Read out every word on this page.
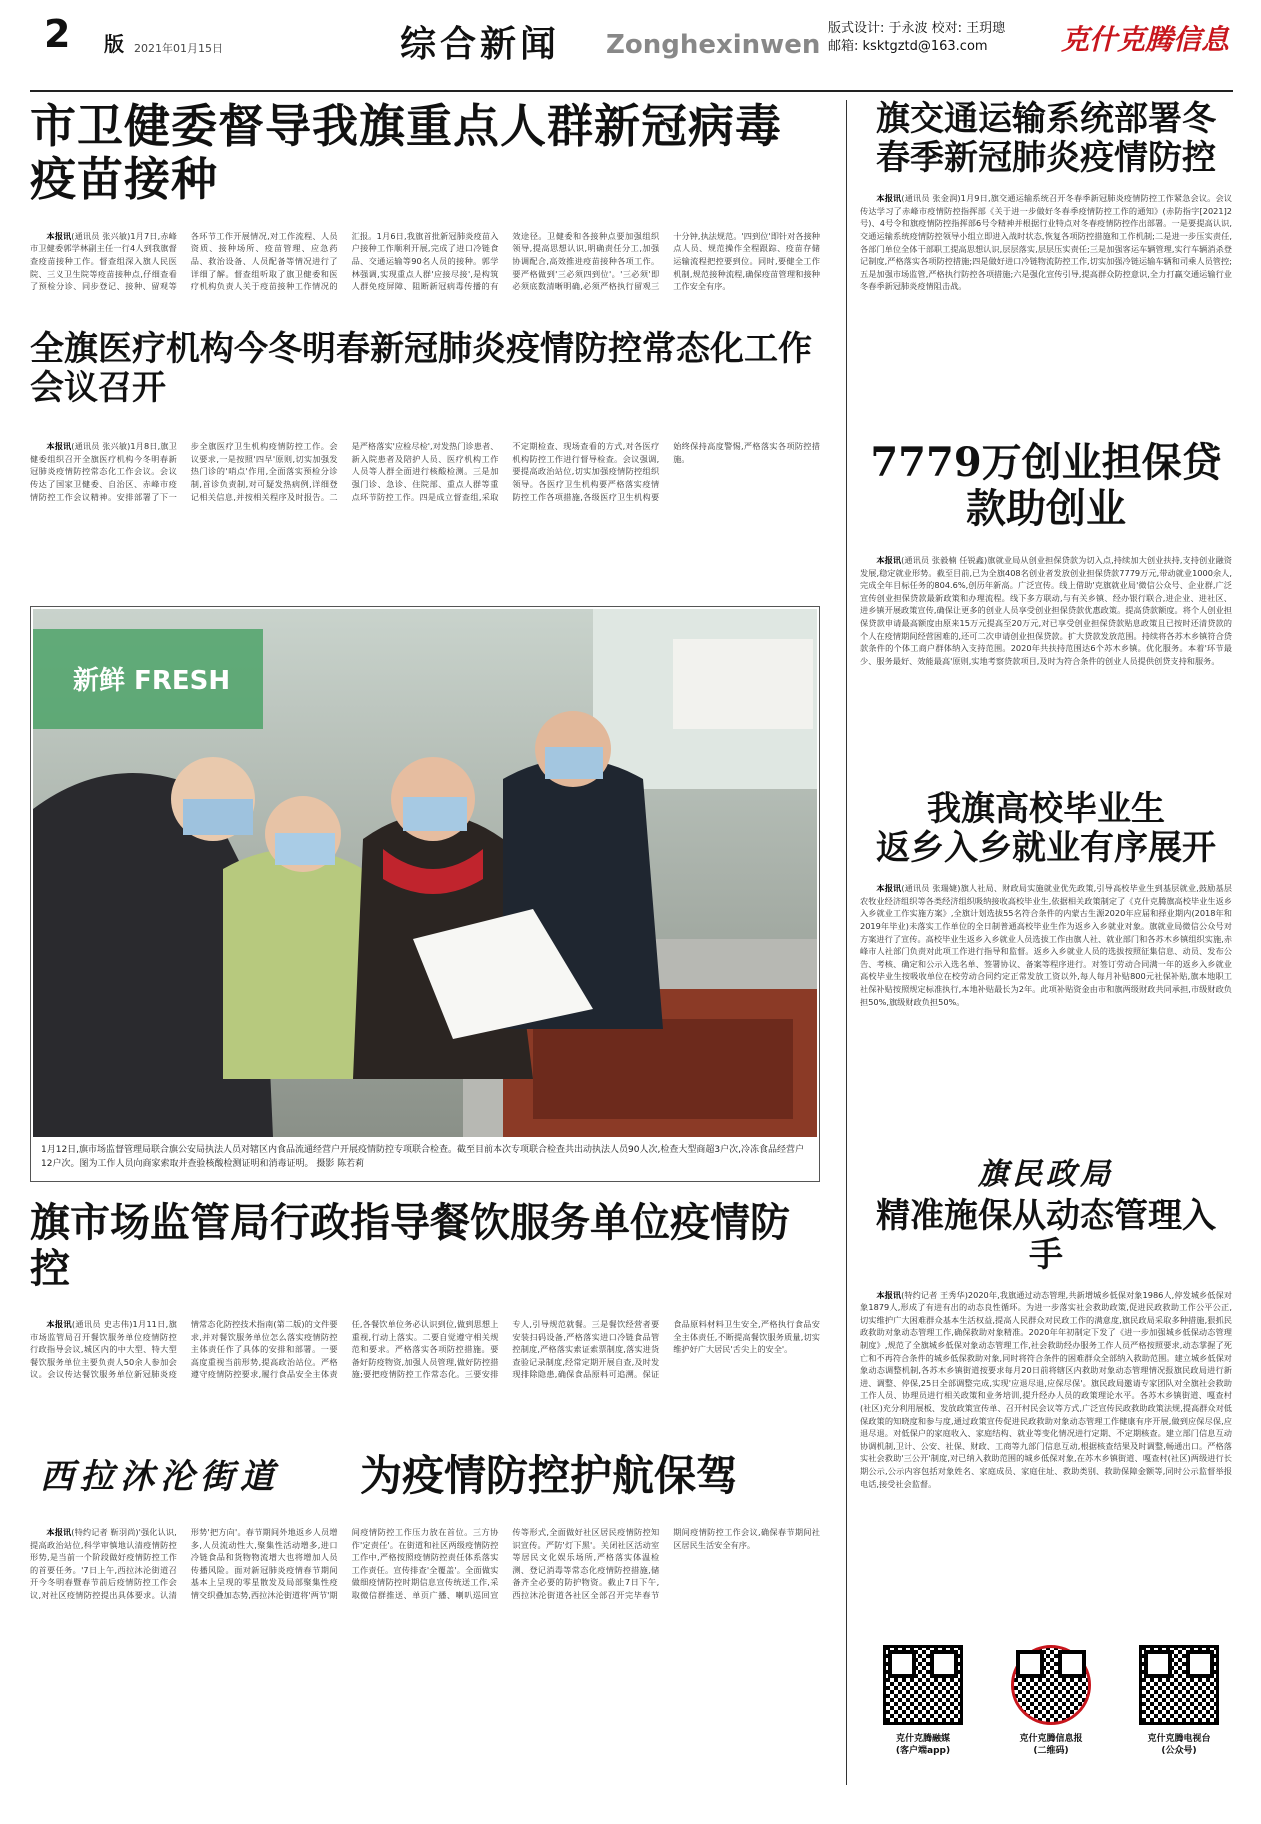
2 版 2021年01月15日	综合新闻 Zonghexinwen
版式设计: 于永波 校对: 王玥璁
邮箱: ksktgztd@163.com	克什克腾信息
市卫健委督导我旗重点人群新冠病毒疫苗接种

本报讯(通讯员 张兴敏)1月7日,赤峰市卫健委郭学林副主任一行4人到我旗督查疫苗接种工作。督查组深入旗人民医院、三义卫生院等疫苗接种点,仔细查看了预检分诊、同步登记、接种、留观等各环节工作开展情况,对工作流程、人员资质、接种场所、疫苗管理、应急药品、救治设备、人员配备等情况进行了详细了解。督查组听取了旗卫健委和医疗机构负责人关于疫苗接种工作情况的汇报。1月6日,我旗首批新冠肺炎疫苗入户接种工作顺利开展,完成了进口冷链食品、交通运输等90名人员的接种。郭学林强调,实现重点人群'应接尽接',是构筑人群免疫屏障、阻断新冠病毒传播的有效途径。卫健委和各接种点要加强组织领导,提高思想认识,明确责任分工,加强协调配合,高效推进疫苗接种各项工作。要严格做到'三必须四到位'。'三必须'即必须底数清晰明确,必须严格执行留观三十分钟,执法规范。'四到位'即针对各接种点人员、规范操作全程跟踪、疫苗存储运输流程把控要到位。同时,要健全工作机制,规范接种流程,确保疫苗管理和接种工作安全有序。

全旗医疗机构今冬明春新冠肺炎疫情防控常态化工作会议召开

本报讯(通讯员 张兴敏)1月8日,旗卫健委组织召开全旗医疗机构今冬明春新冠肺炎疫情防控常态化工作会议。会议传达了国家卫健委、自治区、赤峰市疫情防控工作会议精神。安排部署了下一步全旗医疗卫生机构疫情防控工作。会议要求,一是按照'四早'原则,切实加强发热门诊的'哨点'作用,全面落实预检分诊制,首诊负责制,对可疑发热病例,详细登记相关信息,并按相关程序及时报告。二是严格落实'应检尽检',对发热门诊患者、新入院患者及陪护人员、医疗机构工作人员等人群全面进行核酸检测。三是加强门诊、急诊、住院部、重点人群等重点环节防控工作。四是成立督查组,采取不定期检查、现场查看的方式,对各医疗机构防控工作进行督导检查。会议强调,要提高政治站位,切实加强疫情防控组织领导。各医疗卫生机构要严格落实疫情防控工作各项措施,各级医疗卫生机构要始终保持高度警惕,严格落实各项防控措施。

新鲜 FRESH
1月12日,旗市场监督管理局联合旗公安局执法人员对辖区内食品流通经营户开展疫情防控专项联合检查。截至目前本次专项联合检查共出动执法人员90人次,检查大型商超3户次,冷冻食品经营户12户次。图为工作人员向商家索取并查验核酸检测证明和消毒证明。 摄影 陈若莉
旗市场监管局行政指导餐饮服务单位疫情防控

本报讯(通讯员 史志伟)1月11日,旗市场监管局召开餐饮服务单位疫情防控行政指导会议,城区内的中大型、特大型餐饮服务单位主要负责人50余人参加会议。会议传达餐饮服务单位新冠肺炎疫情常态化防控技术指南(第二版)的文件要求,并对餐饮服务单位怎么落实疫情防控主体责任作了具体的安排和部署。一要高度重视当前形势,提高政治站位。严格遵守疫情防控要求,履行食品安全主体责任,各餐饮单位务必认识到位,做到思想上重视,行动上落实。二要自觉遵守相关规范和要求。严格落实各项防控措施。要备好防疫物资,加强人员管理,做好防控措施;要把疫情防控工作常态化。三要安排专人,引导规范就餐。三是餐饮经营者要安装扫码设备,严格落实进口冷链食品管控制度,严格落实索证索票制度,落实进货查验记录制度,经常定期开展自查,及时发现排除隐患,确保食品原料可追溯。保证食品原料材料卫生安全,严格执行食品安全主体责任,不断提高餐饮服务质量,切实维护好广大居民'舌尖上的安全'。

西拉沐沦街道 为疫情防控护航保驾

本报讯(特约记者 靳羽尚)'强化认识,提高政治站位,科学审慎地认清疫情防控形势,是当前一个阶段做好疫情防控工作的首要任务。'7日上午,西拉沐沦街道召开今冬明春暨春节前后疫情防控工作会议,对社区疫情防控提出具体要求。认清形势'把方向'。春节期间外地返乡人员增多,人员流动性大,聚集性活动增多,进口冷链食品和货物物流增大也将增加人员传播风险。面对新冠肺炎疫情春节期间基本上呈现的零星散发及局部聚集性疫情交织叠加态势,西拉沐沦街道将'两节'期间疫情防控工作压力放在首位。三方协作'定责任'。在街道和社区两级疫情防控工作中,严格按照疫情防控责任体系落实工作责任。宣传排查'全覆盖'。全面做实做细疫情防控时期信息宣传统送工作,采取微信群推送、单页广播、喇叭巡回宣传等形式,全面做好社区居民疫情防控知识宣传。严防'灯下黑'。关闭社区活动室等居民文化娱乐场所,严格落实体温检测、登记消毒等常态化疫情防控措施,储备齐全必要的防护物资。截止7日下午,西拉沐沦街道各社区全部召开完毕春节期间疫情防控工作会议,确保春节期间社区居民生活安全有序。

旗交通运输系统部署冬春季新冠肺炎疫情防控

本报讯(通讯员 张金润)1月9日,旗交通运输系统召开冬春季新冠肺炎疫情防控工作紧急会议。会议传达学习了赤峰市疫情防控指挥部《关于进一步做好冬春季疫情防控工作的通知》(赤防指字[2021]2号)、4号令和旗疫情防控指挥部6号令精神并根据行业特点对冬春疫情防控作出部署。一是要提高认识,交通运输系统疫情防控领导小组立即进入战时状态,恢复各项防控措施和工作机制;二是进一步压实责任,各部门单位全体干部职工提高思想认识,层层落实,层层压实责任;三是加强客运车辆管理,实行车辆消杀登记制度,严格落实各项防控措施;四是做好进口冷链物流防控工作,切实加强冷链运输车辆和司乘人员管控;五是加强市场监管,严格执行防控各项措施;六是强化宣传引导,提高群众防控意识,全力打赢交通运输行业冬春季新冠肺炎疫情阻击战。

7779万创业担保贷款助创业

本报讯(通讯员 张毅楠 任锐鑫)旗就业局从创业担保贷款为切入点,持续加大创业扶持,支持创业融资发展,稳定就业形势。截至目前,已为全旗408名创业者发放创业担保贷款7779万元,带动就业1000余人,完成全年目标任务的804.6%,创历年新高。广泛宣传。线上借助'克旗就业局'微信公众号、企业群,广泛宣传创业担保贷款最新政策和办理流程。线下多方联动,与有关乡镇、经办银行联合,进企业、进社区、进乡镇开展政策宣传,确保让更多的创业人员享受创业担保贷款优惠政策。提高贷款额度。将个人创业担保贷款申请最高额度由原来15万元提高至20万元,对已享受创业担保贷款贴息政策且已按时还清贷款的个人在疫情期间经营困难的,还可二次申请创业担保贷款。扩大贷款发放范围。持续将各苏木乡镇符合贷款条件的个体工商户群体纳入支持范围。2020年共扶持范围达6个苏木乡镇。优化服务。本着'环节最少、服务最好、效能最高'原则,实地考察贷款项目,及时为符合条件的创业人员提供创贷支持和服务。

我旗高校毕业生
返乡入乡就业有序展开

本报讯(通讯员 张瑞婕)旗人社局、财政局实施就业优先政策,引导高校毕业生到基层就业,鼓励基层农牧业经济组织等各类经济组织吸纳接收高校毕业生,依据相关政策制定了《克什克腾旗高校毕业生返乡入乡就业工作实施方案》,全旗计划选拔55名符合条件的内蒙古生源2020年应届和择业期内(2018年和2019年毕业)未落实工作单位的全日制普通高校毕业生作为返乡入乡就业对象。旗就业局微信公众号对方案进行了宣传。高校毕业生返乡入乡就业人员选拔工作由旗人社、就业部门和各苏木乡镇组织实施,赤峰市人社部门负责对此项工作进行指导和监督。返乡入乡就业人员的选拔按照征集信息、动员、发布公告、考核、确定和公示入选名单、签署协议、备案等程序进行。对签订劳动合同满一年的返乡入乡就业高校毕业生按吸收单位在校劳动合同约定正常发放工资以外,每人每月补贴800元社保补贴,旗本地职工社保补贴按照规定标准执行,本地补贴最长为2年。此项补贴资金由市和旗两级财政共同承担,市级财政负担50%,旗级财政负担50%。

旗民政局
精准施保从动态管理入手

本报讯(特约记者 王秀华)2020年,我旗通过动态管理,共新增城乡低保对象1986人,停发城乡低保对象1879人,形成了有进有出的动态良性循环。为进一步落实社会救助政策,促进民政救助工作公平公正,切实维护广大困难群众基本生活权益,提高人民群众对民政工作的满意度,旗民政局采取多种措施,狠抓民政救助对象动态管理工作,确保救助对象精准。2020年年初制定下发了《进一步加强城乡低保动态管理制度》,规范了全旗城乡低保对象动态管理工作,社会救助经办服务工作人员严格按照要求,动态掌握了死亡和不再符合条件的城乡低保救助对象,同时将符合条件的困难群众全部纳入救助范围。建立城乡低保对象动态调整机制,各苏木乡镇街道按要求每月20日前将辖区内救助对象动态管理情况报旗民政局进行新进、调整、停保,25日全部调整完成,实现'应退尽退,应保尽保'。旗民政局邀请专家团队对全旗社会救助工作人员、协理员进行相关政策和业务培训,提升经办人员的政策理论水平。各苏木乡镇街道、嘎查村(社区)充分利用展板、发放政策宣传单、召开村民会议等方式,广泛宣传民政救助政策法规,提高群众对低保政策的知晓度和参与度,通过政策宣传促进民政救助对象动态管理工作健康有序开展,做到应保尽保,应退尽退。对低保户的家庭收入、家庭结构、就业等变化情况进行定期、不定期核查。建立部门信息互动协调机制,卫计、公安、社保、财政、工商等九部门信息互动,根据核查结果及时调整,畅通出口。严格落实社会救助'三公开'制度,对已纳入救助范围的城乡低保对象,在苏木乡镇街道、嘎查村(社区)两级进行长期公示,公示内容包括对象姓名、家庭成员、家庭住址、救助类别、救助保障金额等,同时公示监督举报电话,接受社会监督。

克什克腾融媒
(客户端app)
克什克腾信息报
(二维码)
克什克腾电视台
(公众号)
